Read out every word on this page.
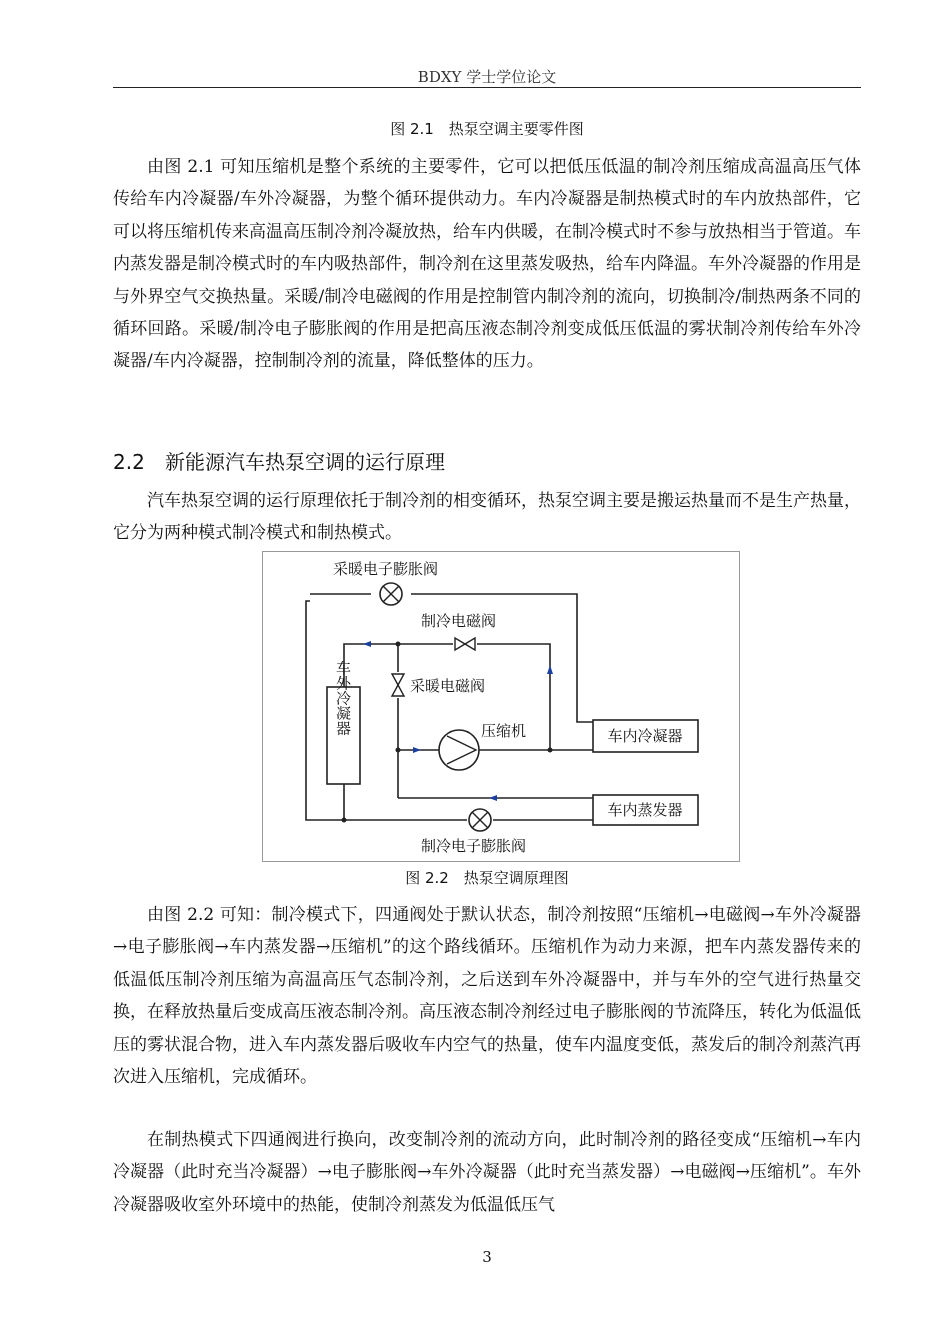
BDXY 学士学位论文
图 2.1　热泵空调主要零件图

由图 2.1 可知压缩机是整个系统的主要零件，它可以把低压低温的制冷剂压缩成高温高压气体传给车内冷凝器/车外冷凝器，为整个循环提供动力。车内冷凝器是制热模式时的车内放热部件，它可以将压缩机传来高温高压制冷剂冷凝放热，给车内供暖，在制冷模式时不参与放热相当于管道。车内蒸发器是制冷模式时的车内吸热部件，制冷剂在这里蒸发吸热，给车内降温。车外冷凝器的作用是与外界空气交换热量。采暖/制冷电磁阀的作用是控制管内制冷剂的流向，切换制冷/制热两条不同的循环回路。采暖/制冷电子膨胀阀的作用是把高压液态制冷剂变成低压低温的雾状制冷剂传给车外冷凝器/车内冷凝器，控制制冷剂的流量，降低整体的压力。

2.2 新能源汽车热泵空调的运行原理

汽车热泵空调的运行原理依托于制冷剂的相变循环，热泵空调主要是搬运热量而不是生产热量，它分为两种模式制冷模式和制热模式。

车外冷凝器
采暖电子膨胀阀
制冷电磁阀
采暖电磁阀
压缩机	车内冷凝器
车内蒸发器
制冷电子膨胀阀
图 2.2　热泵空调原理图

由图 2.2 可知：制冷模式下，四通阀处于默认状态，制冷剂按照“压缩机→电磁阀→车外冷凝器→电子膨胀阀→车内蒸发器→压缩机”的这个路线循环。压缩机作为动力来源，把车内蒸发器传来的低温低压制冷剂压缩为高温高压气态制冷剂，之后送到车外冷凝器中，并与车外的空气进行热量交换，在释放热量后变成高压液态制冷剂。高压液态制冷剂经过电子膨胀阀的节流降压，转化为低温低压的雾状混合物，进入车内蒸发器后吸收车内空气的热量，使车内温度变低，蒸发后的制冷剂蒸汽再次进入压缩机，完成循环。

在制热模式下四通阀进行换向，改变制冷剂的流动方向，此时制冷剂的路径变成“压缩机→车内冷凝器（此时充当冷凝器）→电子膨胀阀→车外冷凝器（此时充当蒸发器）→电磁阀→压缩机”。车外冷凝器吸收室外环境中的热能，使制冷剂蒸发为低温低压气

3
